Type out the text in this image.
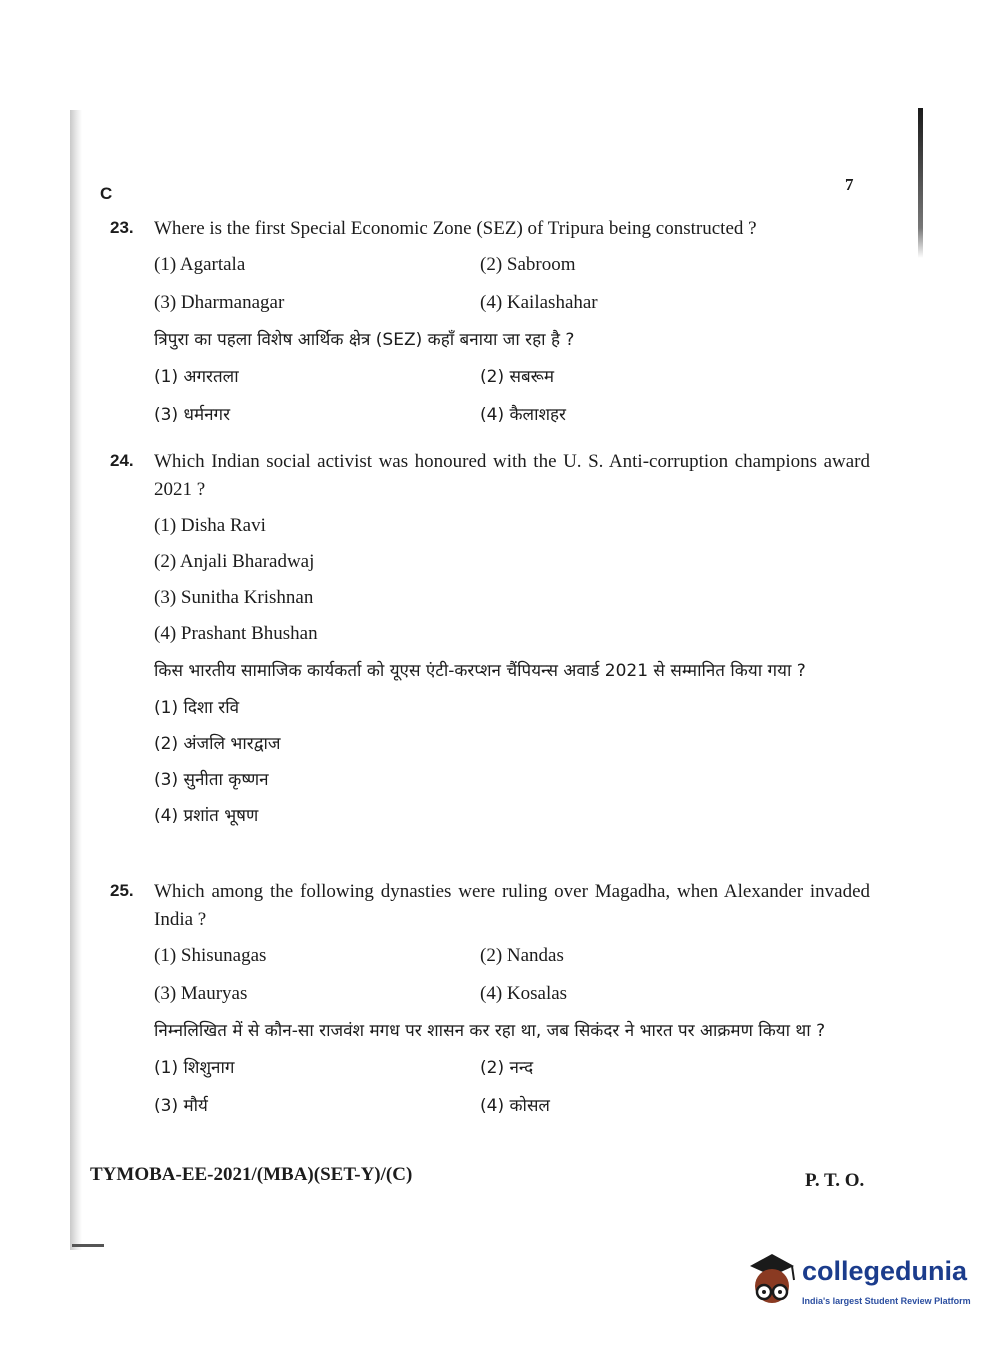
C	7
23.	Where is the first Special Economic Zone (SEZ) of Tripura being constructed ?
(1) Agartala	(2) Sabroom
(3) Dharmanagar	(4) Kailashahar
त्रिपुरा का पहला विशेष आर्थिक क्षेत्र (SEZ) कहाँ बनाया जा रहा है ?
(1) अगरतला	(2) सबरूम
(3) धर्मनगर	(4) कैलाशहर
24.	Which Indian social activist was honoured with the U. S. Anti-corruption champions award 2021 ?
(1) Disha Ravi
(2) Anjali Bharadwaj
(3) Sunitha Krishnan
(4) Prashant Bhushan
किस भारतीय सामाजिक कार्यकर्ता को यूएस एंटी-करप्शन चैंपियन्स अवार्ड 2021 से सम्मानित किया गया ?
(1) दिशा रवि
(2) अंजलि भारद्वाज
(3) सुनीता कृष्णन
(4) प्रशांत भूषण
25.	Which among the following dynasties were ruling over Magadha, when Alexander invaded India ?
(1) Shisunagas	(2) Nandas
(3) Mauryas	(4) Kosalas
निम्नलिखित में से कौन-सा राजवंश मगध पर शासन कर रहा था, जब सिकंदर ने भारत पर आक्रमण किया था ?
(1) शिशुनाग	(2) नन्द
(3) मौर्य	(4) कोसल
TYMOBA-EE-2021/(MBA)(SET-Y)/(C)	P. T. O.
collegedunia
India's largest Student Review Platform
